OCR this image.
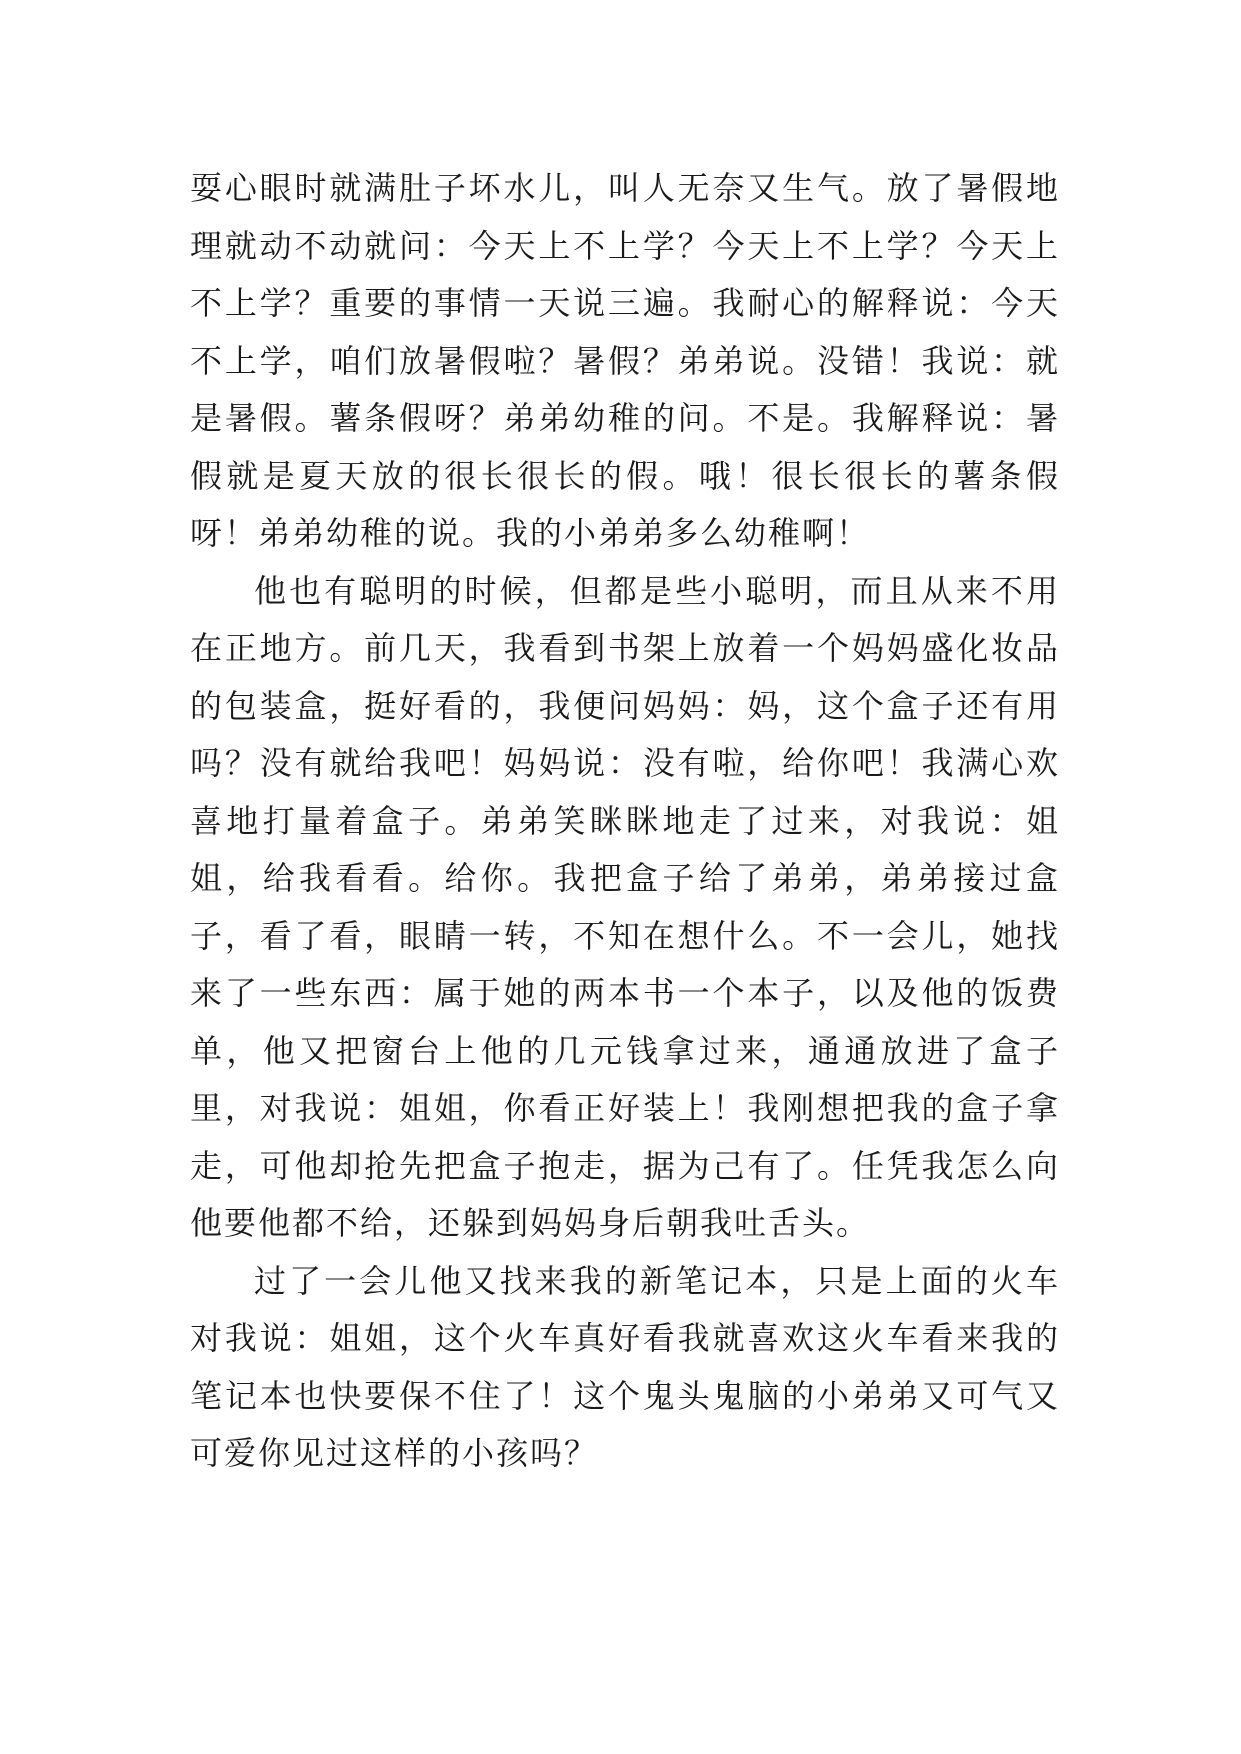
耍心眼时就满肚子坏水儿，叫人无奈又生气。放了暑假地理就动不动就问：今天上不上学？今天上不上学？今天上不上学？重要的事情一天说三遍。我耐心的解释说：今天不上学，咱们放暑假啦？暑假？弟弟说。没错！我说：就是暑假。薯条假呀？弟弟幼稚的问。不是。我解释说：暑假就是夏天放的很长很长的假。哦！很长很长的薯条假呀！弟弟幼稚的说。我的小弟弟多么幼稚啊！

他也有聪明的时候，但都是些小聪明，而且从来不用在正地方。前几天，我看到书架上放着一个妈妈盛化妆品的包装盒，挺好看的，我便问妈妈：妈，这个盒子还有用吗？没有就给我吧！妈妈说：没有啦，给你吧！我满心欢喜地打量着盒子。弟弟笑眯眯地走了过来，对我说：姐姐，给我看看。给你。我把盒子给了弟弟，弟弟接过盒子，看了看，眼睛一转，不知在想什么。不一会儿，她找来了一些东西：属于她的两本书一个本子，以及他的饭费单，他又把窗台上他的几元钱拿过来，通通放进了盒子里，对我说：姐姐，你看正好装上！我刚想把我的盒子拿走，可他却抢先把盒子抱走，据为己有了。任凭我怎么向他要他都不给，还躲到妈妈身后朝我吐舌头。

过了一会儿他又找来我的新笔记本，只是上面的火车对我说：姐姐，这个火车真好看我就喜欢这火车看来我的笔记本也快要保不住了！这个鬼头鬼脑的小弟弟又可气又可爱你见过这样的小孩吗？
